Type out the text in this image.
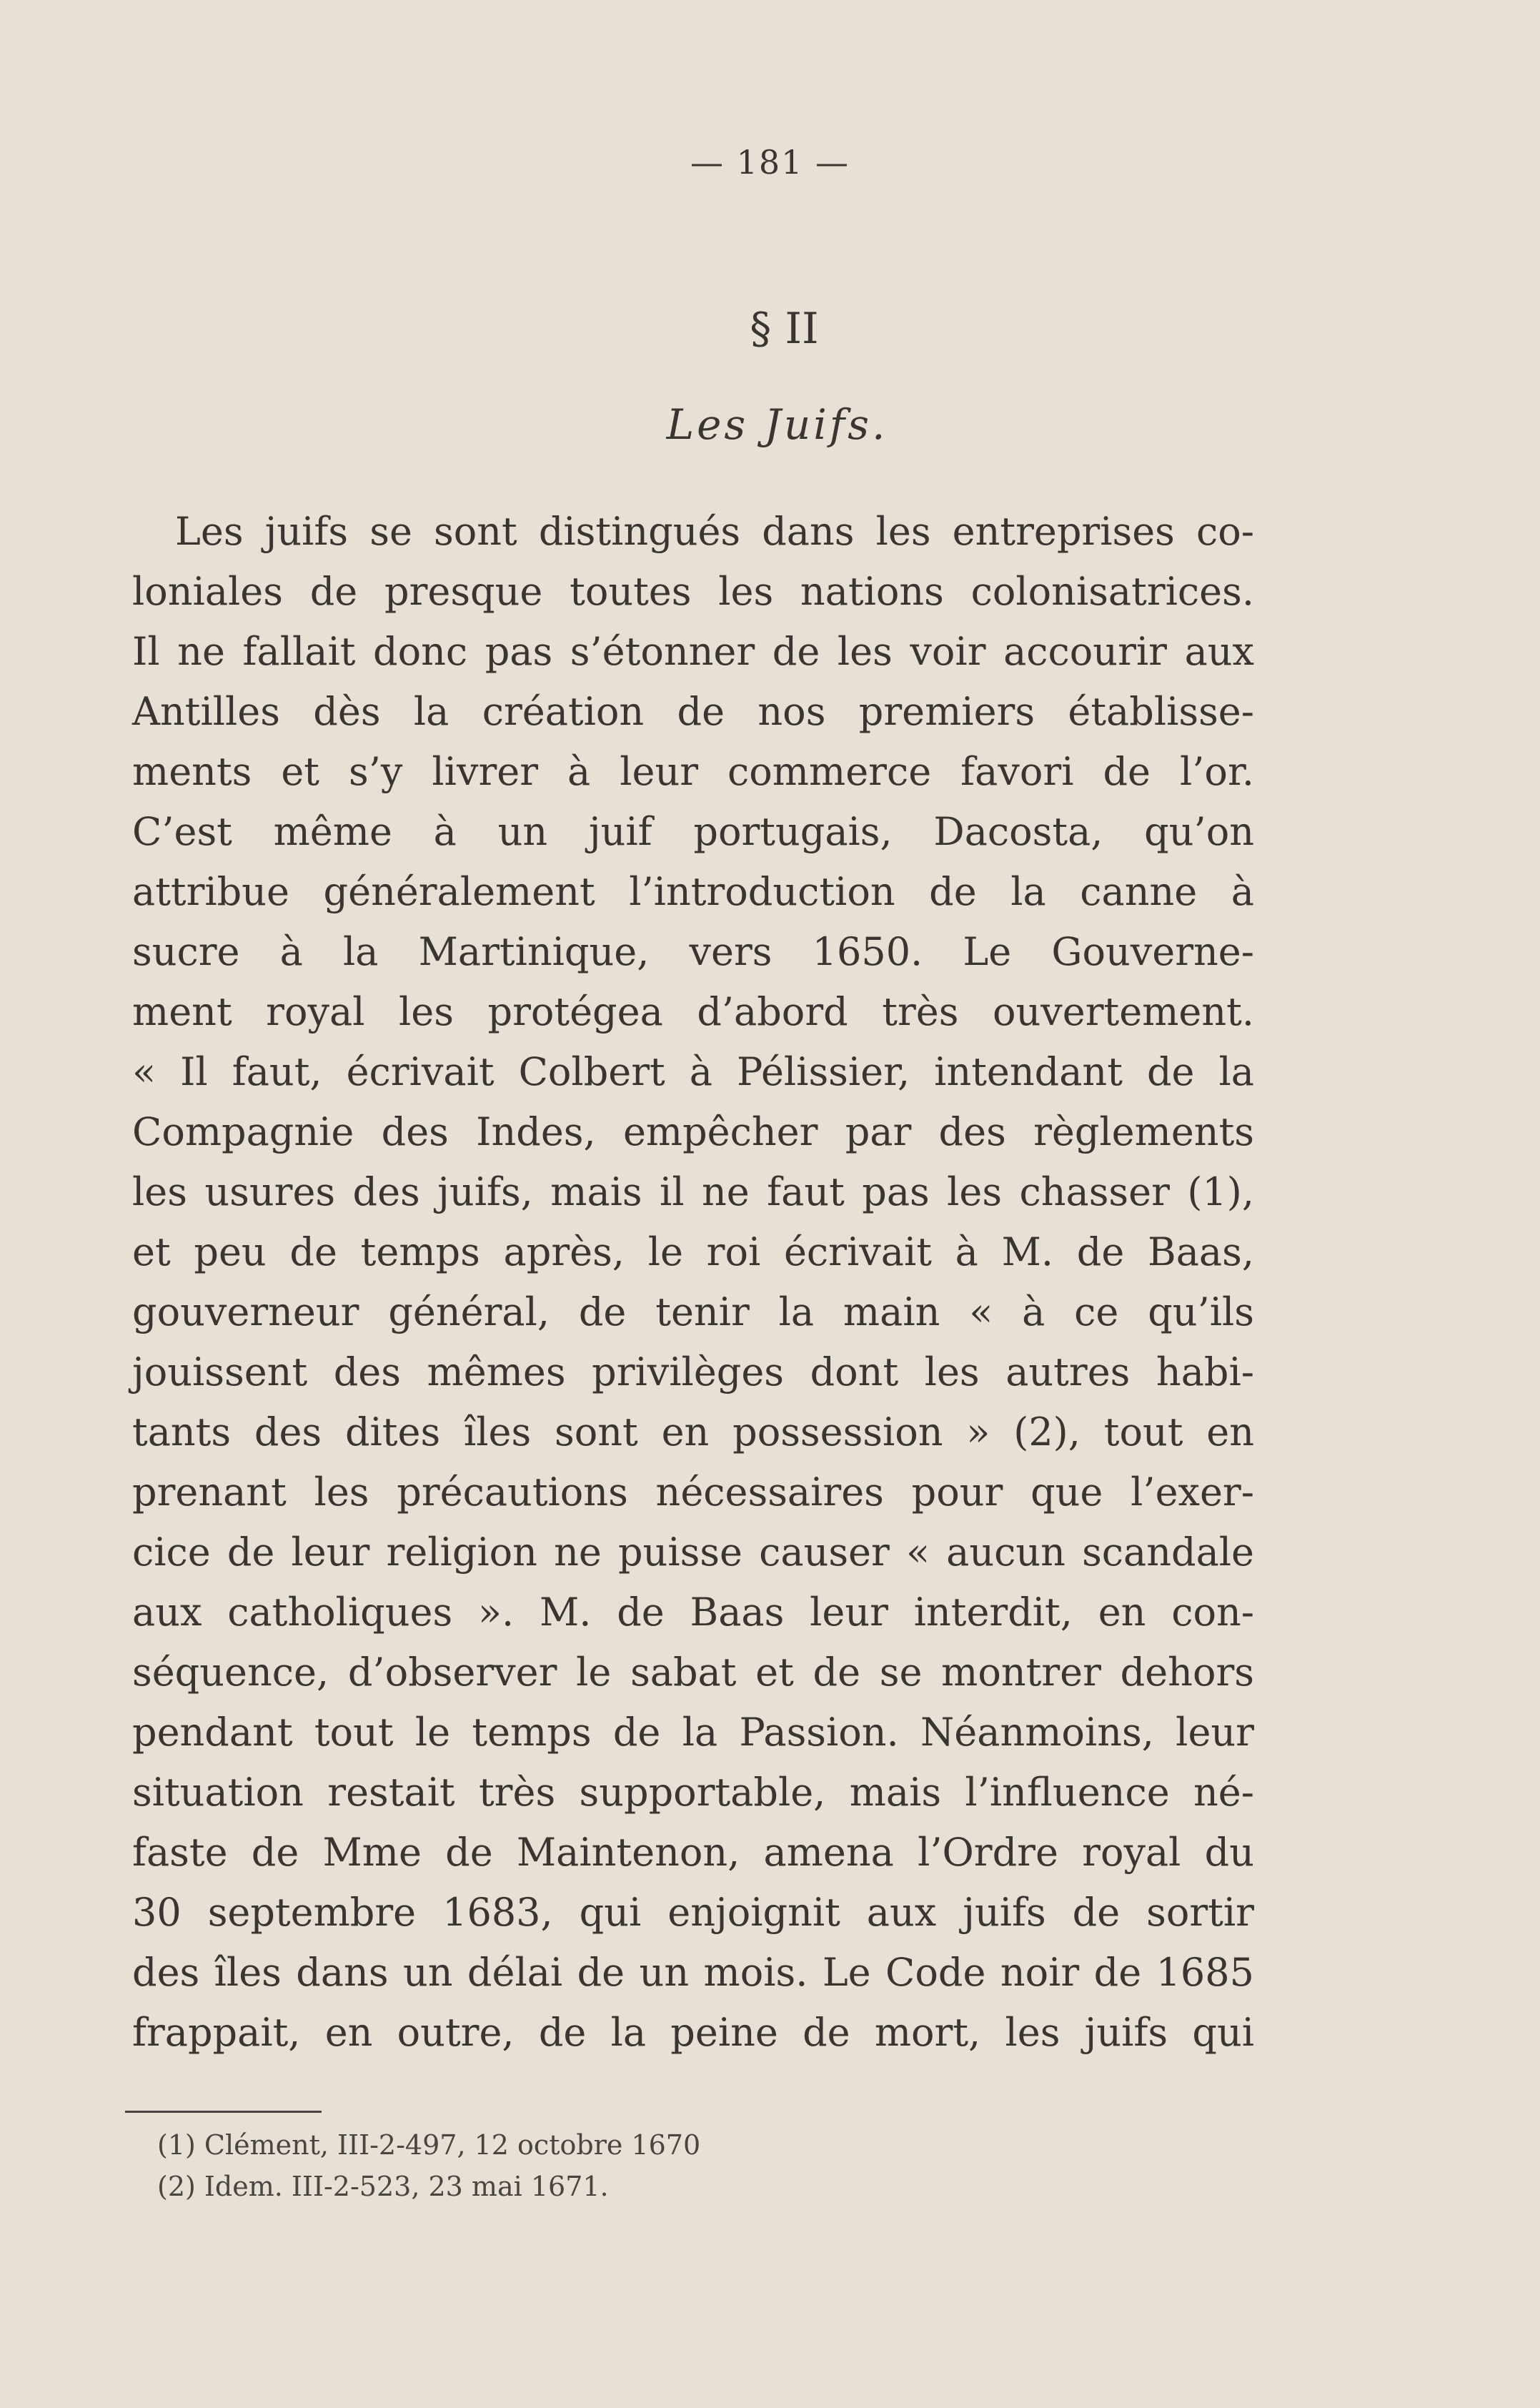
— 181 —
§ II
Les Juifs.
Les juifs se sont distingués dans les entreprises co-
loniales de presque toutes les nations colonisatrices.
Il ne fallait donc pas s’étonner de les voir accourir aux
Antilles dès la création de nos premiers établisse-
ments et s’y livrer à leur commerce favori de l’or.
C’est même à un juif portugais, Dacosta, qu’on
attribue généralement l’introduction de la canne à
sucre à la Martinique, vers 1650. Le Gouverne-
ment royal les protégea d’abord très ouvertement.
« Il faut, écrivait Colbert à Pélissier, intendant de la
Compagnie des Indes, empêcher par des règlements
les usures des juifs, mais il ne faut pas les chasser (1),
et peu de temps après, le roi écrivait à M. de Baas,
gouverneur général, de tenir la main « à ce qu’ils
jouissent des mêmes privilèges dont les autres habi-
tants des dites îles sont en possession » (2), tout en
prenant les précautions nécessaires pour que l’exer-
cice de leur religion ne puisse causer « aucun scandale
aux catholiques ». M. de Baas leur interdit, en con-
séquence, d’observer le sabat et de se montrer dehors
pendant tout le temps de la Passion. Néanmoins, leur
situation restait très supportable, mais l’influence né-
faste de Mme de Maintenon, amena l’Ordre royal du
30 septembre 1683, qui enjoignit aux juifs de sortir
des îles dans un délai de un mois. Le Code noir de 1685
frappait, en outre, de la peine de mort, les juifs qui
(1) Clément, III-2-497, 12 octobre 1670
(2) Idem. III-2-523, 23 mai 1671.
